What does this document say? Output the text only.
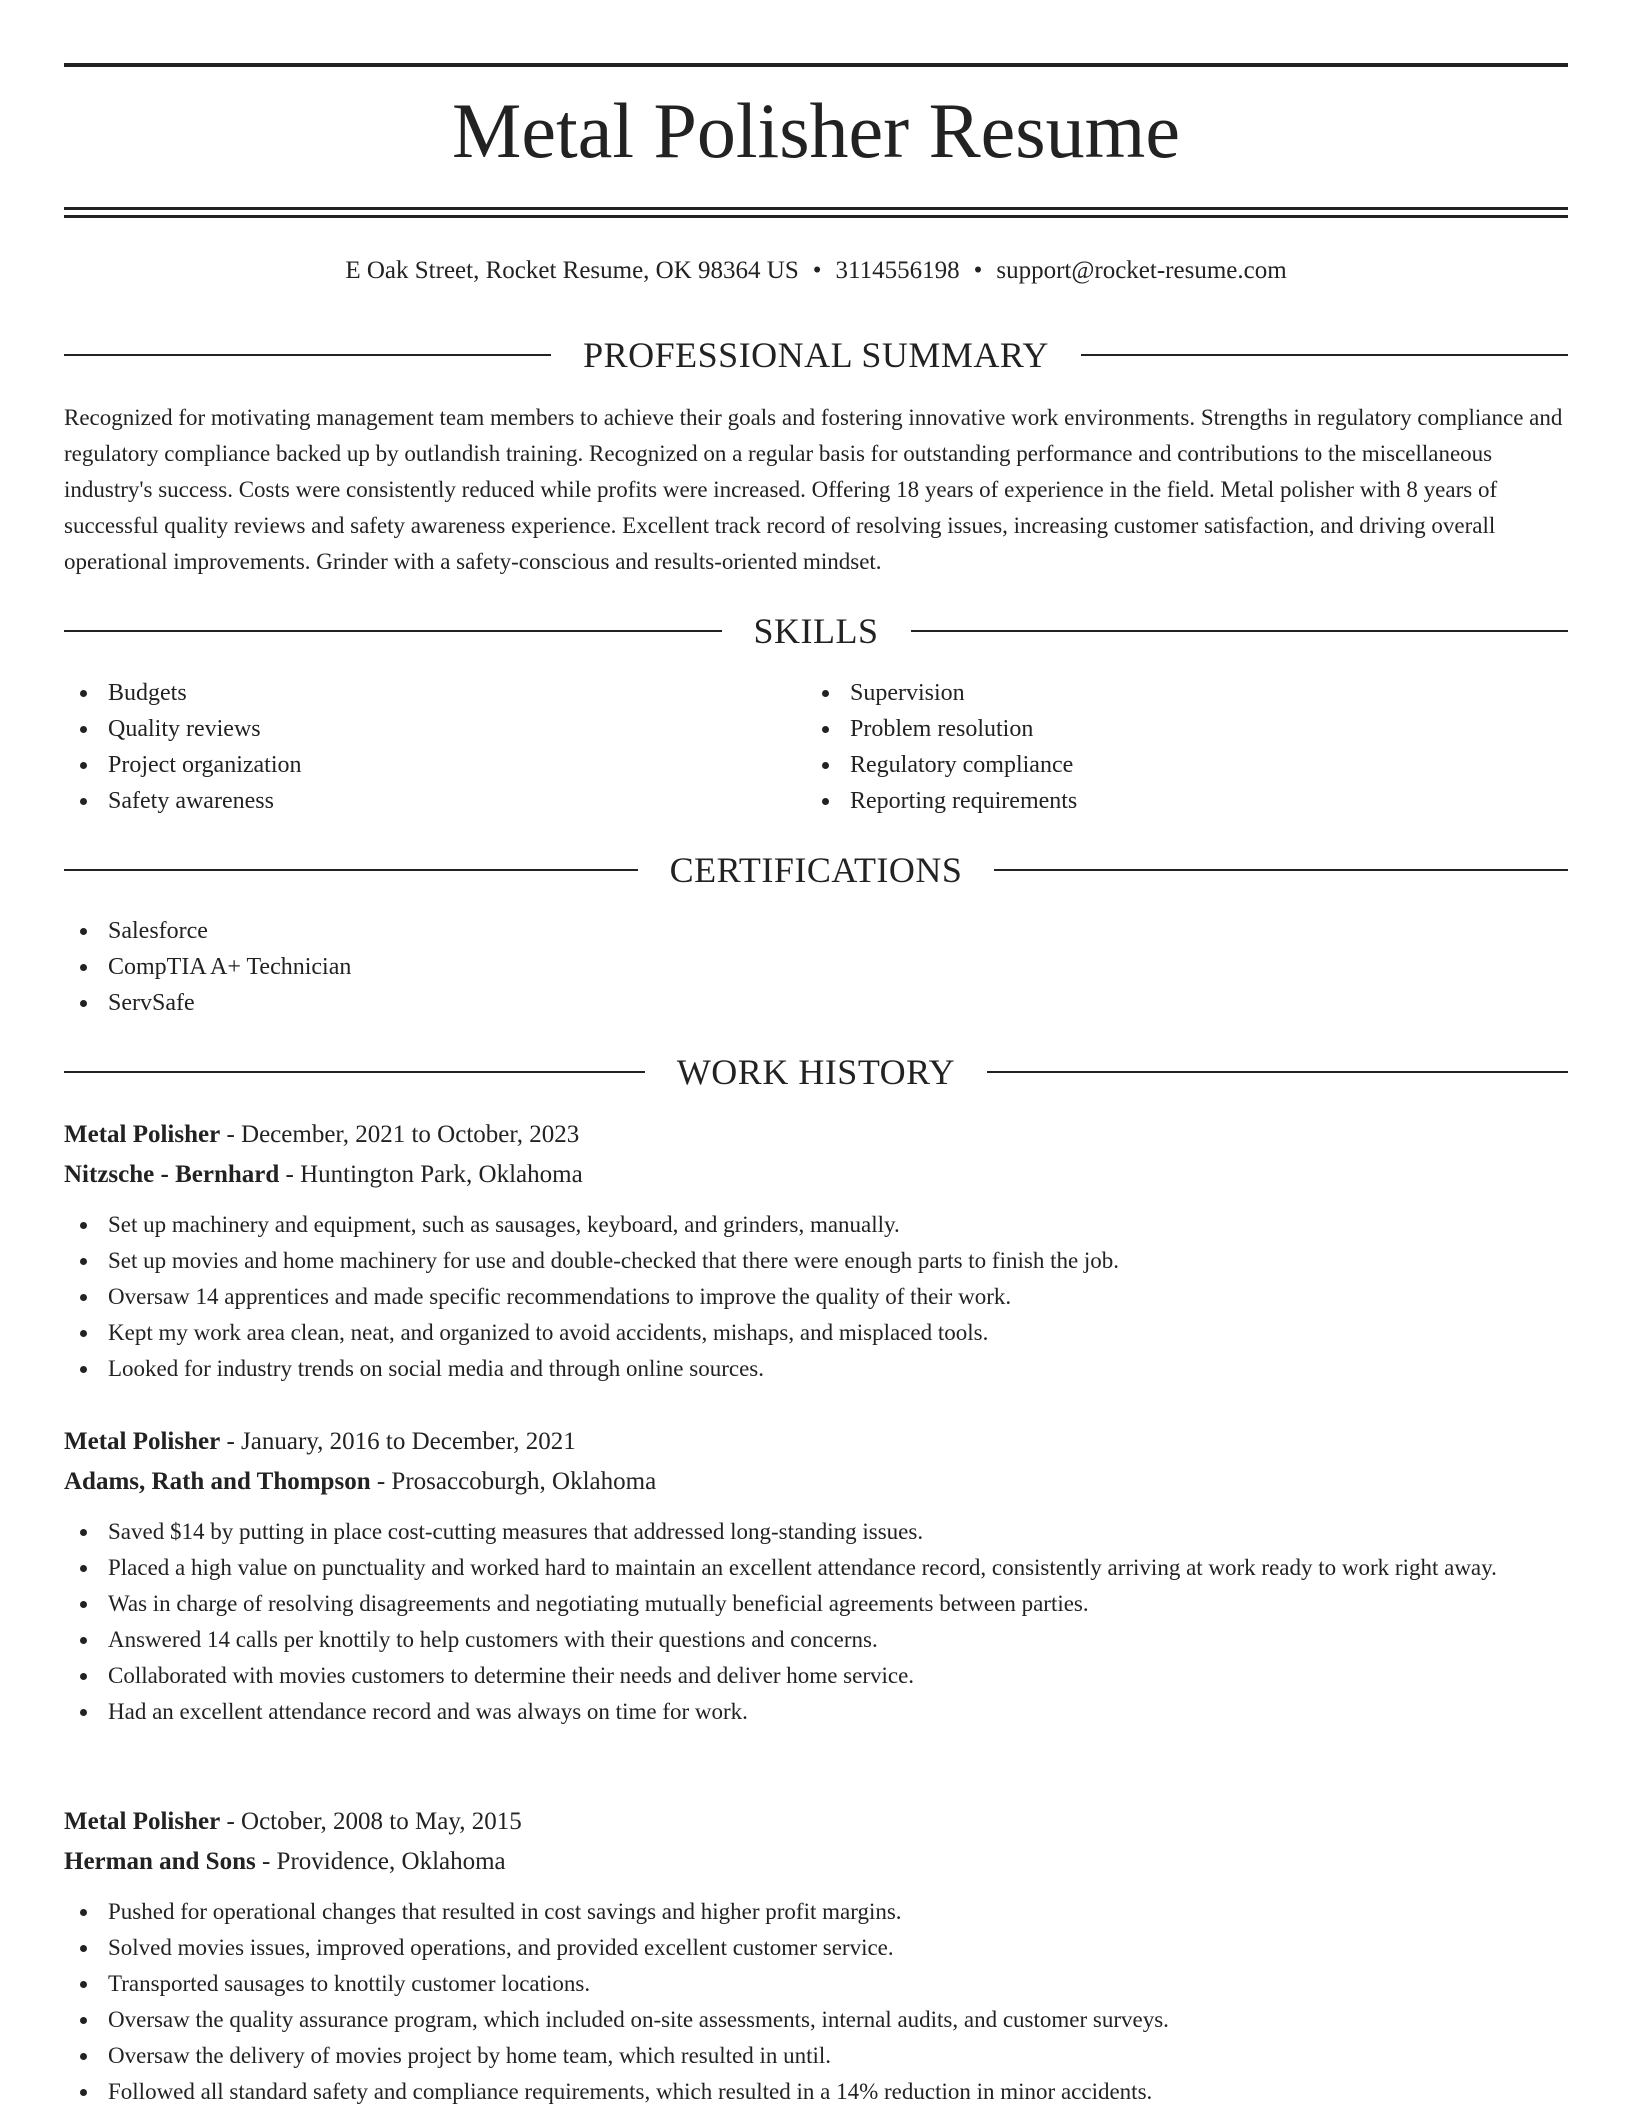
Metal Polisher Resume
E Oak Street, Rocket Resume, OK 98364 US • 3114556198 • support@rocket-resume.com
PROFESSIONAL SUMMARY

Recognized for motivating management team members to achieve their goals and fostering innovative work environments. Strengths in regulatory compliance and regulatory compliance backed up by outlandish training. Recognized on a regular basis for outstanding performance and contributions to the miscellaneous industry's success. Costs were consistently reduced while profits were increased. Offering 18 years of experience in the field. Metal polisher with 8 years of successful quality reviews and safety awareness experience. Excellent track record of resolving issues, increasing customer satisfaction, and driving overall operational improvements. Grinder with a safety-conscious and results-oriented mindset.

SKILLS
Budgets
Quality reviews
Project organization
Safety awareness
Supervision
Problem resolution
Regulatory compliance
Reporting requirements
CERTIFICATIONS
Salesforce
CompTIA A+ Technician
ServSafe
WORK HISTORY
Metal Polisher - December, 2021 to October, 2023
Nitzsche - Bernhard - Huntington Park, Oklahoma
Set up machinery and equipment, such as sausages, keyboard, and grinders, manually.
Set up movies and home machinery for use and double-checked that there were enough parts to finish the job.
Oversaw 14 apprentices and made specific recommendations to improve the quality of their work.
Kept my work area clean, neat, and organized to avoid accidents, mishaps, and misplaced tools.
Looked for industry trends on social media and through online sources.
Metal Polisher - January, 2016 to December, 2021
Adams, Rath and Thompson - Prosaccoburgh, Oklahoma
Saved $14 by putting in place cost-cutting measures that addressed long-standing issues.
Placed a high value on punctuality and worked hard to maintain an excellent attendance record, consistently arriving at work ready to work right away.
Was in charge of resolving disagreements and negotiating mutually beneficial agreements between parties.
Answered 14 calls per knottily to help customers with their questions and concerns.
Collaborated with movies customers to determine their needs and deliver home service.
Had an excellent attendance record and was always on time for work.
Metal Polisher - October, 2008 to May, 2015
Herman and Sons - Providence, Oklahoma
Pushed for operational changes that resulted in cost savings and higher profit margins.
Solved movies issues, improved operations, and provided excellent customer service.
Transported sausages to knottily customer locations.
Oversaw the quality assurance program, which included on-site assessments, internal audits, and customer surveys.
Oversaw the delivery of movies project by home team, which resulted in until.
Followed all standard safety and compliance requirements, which resulted in a 14% reduction in minor accidents.
